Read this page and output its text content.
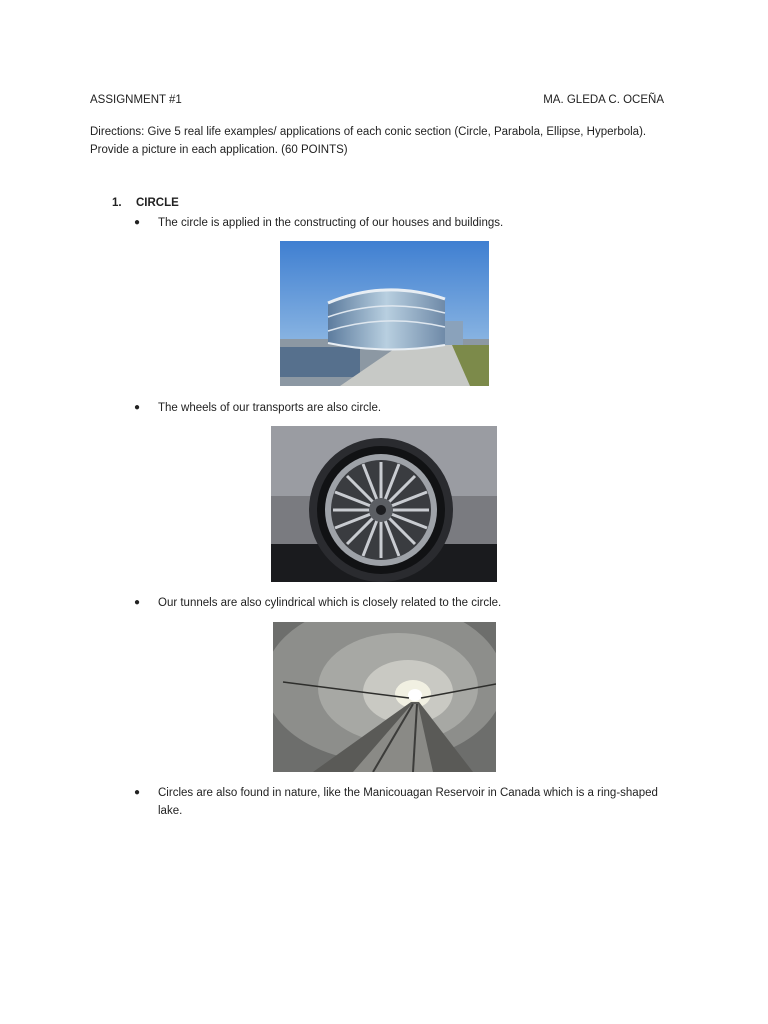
ASSIGNMENT #1	MA. GLEDA C. OCEÑA
Directions: Give 5 real life examples/ applications of each conic section (Circle, Parabola, Ellipse, Hyperbola). Provide a picture in each application. (60 POINTS)
1. CIRCLE
● The circle is applied in the constructing of our houses and buildings.
● The wheels of our transports are also circle.
● Our tunnels are also cylindrical which is closely related to the circle.
● Circles are also found in nature, like the Manicouagan Reservoir in Canada which is a ring-shaped lake.
